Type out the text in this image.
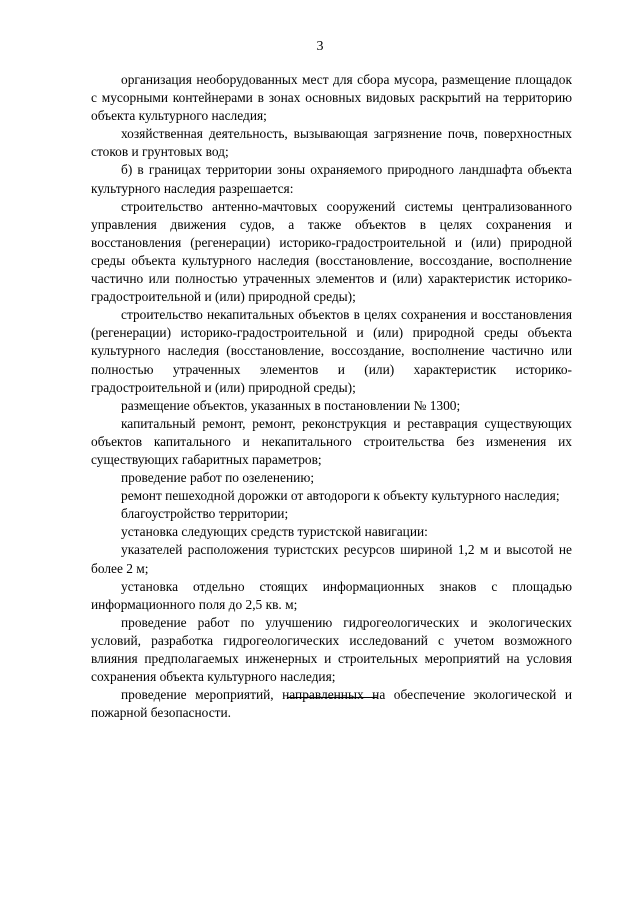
3

организация необорудованных мест для сбора мусора, размещение площадок с мусорными контейнерами в зонах основных видовых раскрытий на территорию объекта культурного наследия;

хозяйственная деятельность, вызывающая загрязнение почв, поверхностных стоков и грунтовых вод;

б) в границах территории зоны охраняемого природного ландшафта объекта культурного наследия разрешается:

строительство антенно-мачтовых сооружений системы централизованного управления движения судов, а также объектов в целях сохранения и восстановления (регенерации) историко-градостроительной и (или) природной среды объекта культурного наследия (восстановление, воссоздание, восполнение частично или полностью утраченных элементов и (или) характеристик историко-градостроительной и (или) природной среды);

строительство некапитальных объектов в целях сохранения и восстановления (регенерации) историко-градостроительной и (или) природной среды объекта культурного наследия (восстановление, воссоздание, восполнение частично или полностью утраченных элементов и (или) характеристик историко-градостроительной и (или) природной среды);

размещение объектов, указанных в постановлении № 1300;

капитальный ремонт, ремонт, реконструкция и реставрация существующих объектов капитального и некапитального строительства без изменения их существующих габаритных параметров;

проведение работ по озеленению;

ремонт пешеходной дорожки от автодороги к объекту культурного наследия;

благоустройство территории;

установка следующих средств туристской навигации:

указателей расположения туристских ресурсов шириной 1,2 м и высотой не более 2 м;

установка отдельно стоящих информационных знаков с площадью информационного поля до 2,5 кв. м;

проведение работ по улучшению гидрогеологических и экологических условий, разработка гидрогеологических исследований с учетом возможного влияния предполагаемых инженерных и строительных мероприятий на условия сохранения объекта культурного наследия;

проведение мероприятий, направленных на обеспечение экологической и пожарной безопасности.
